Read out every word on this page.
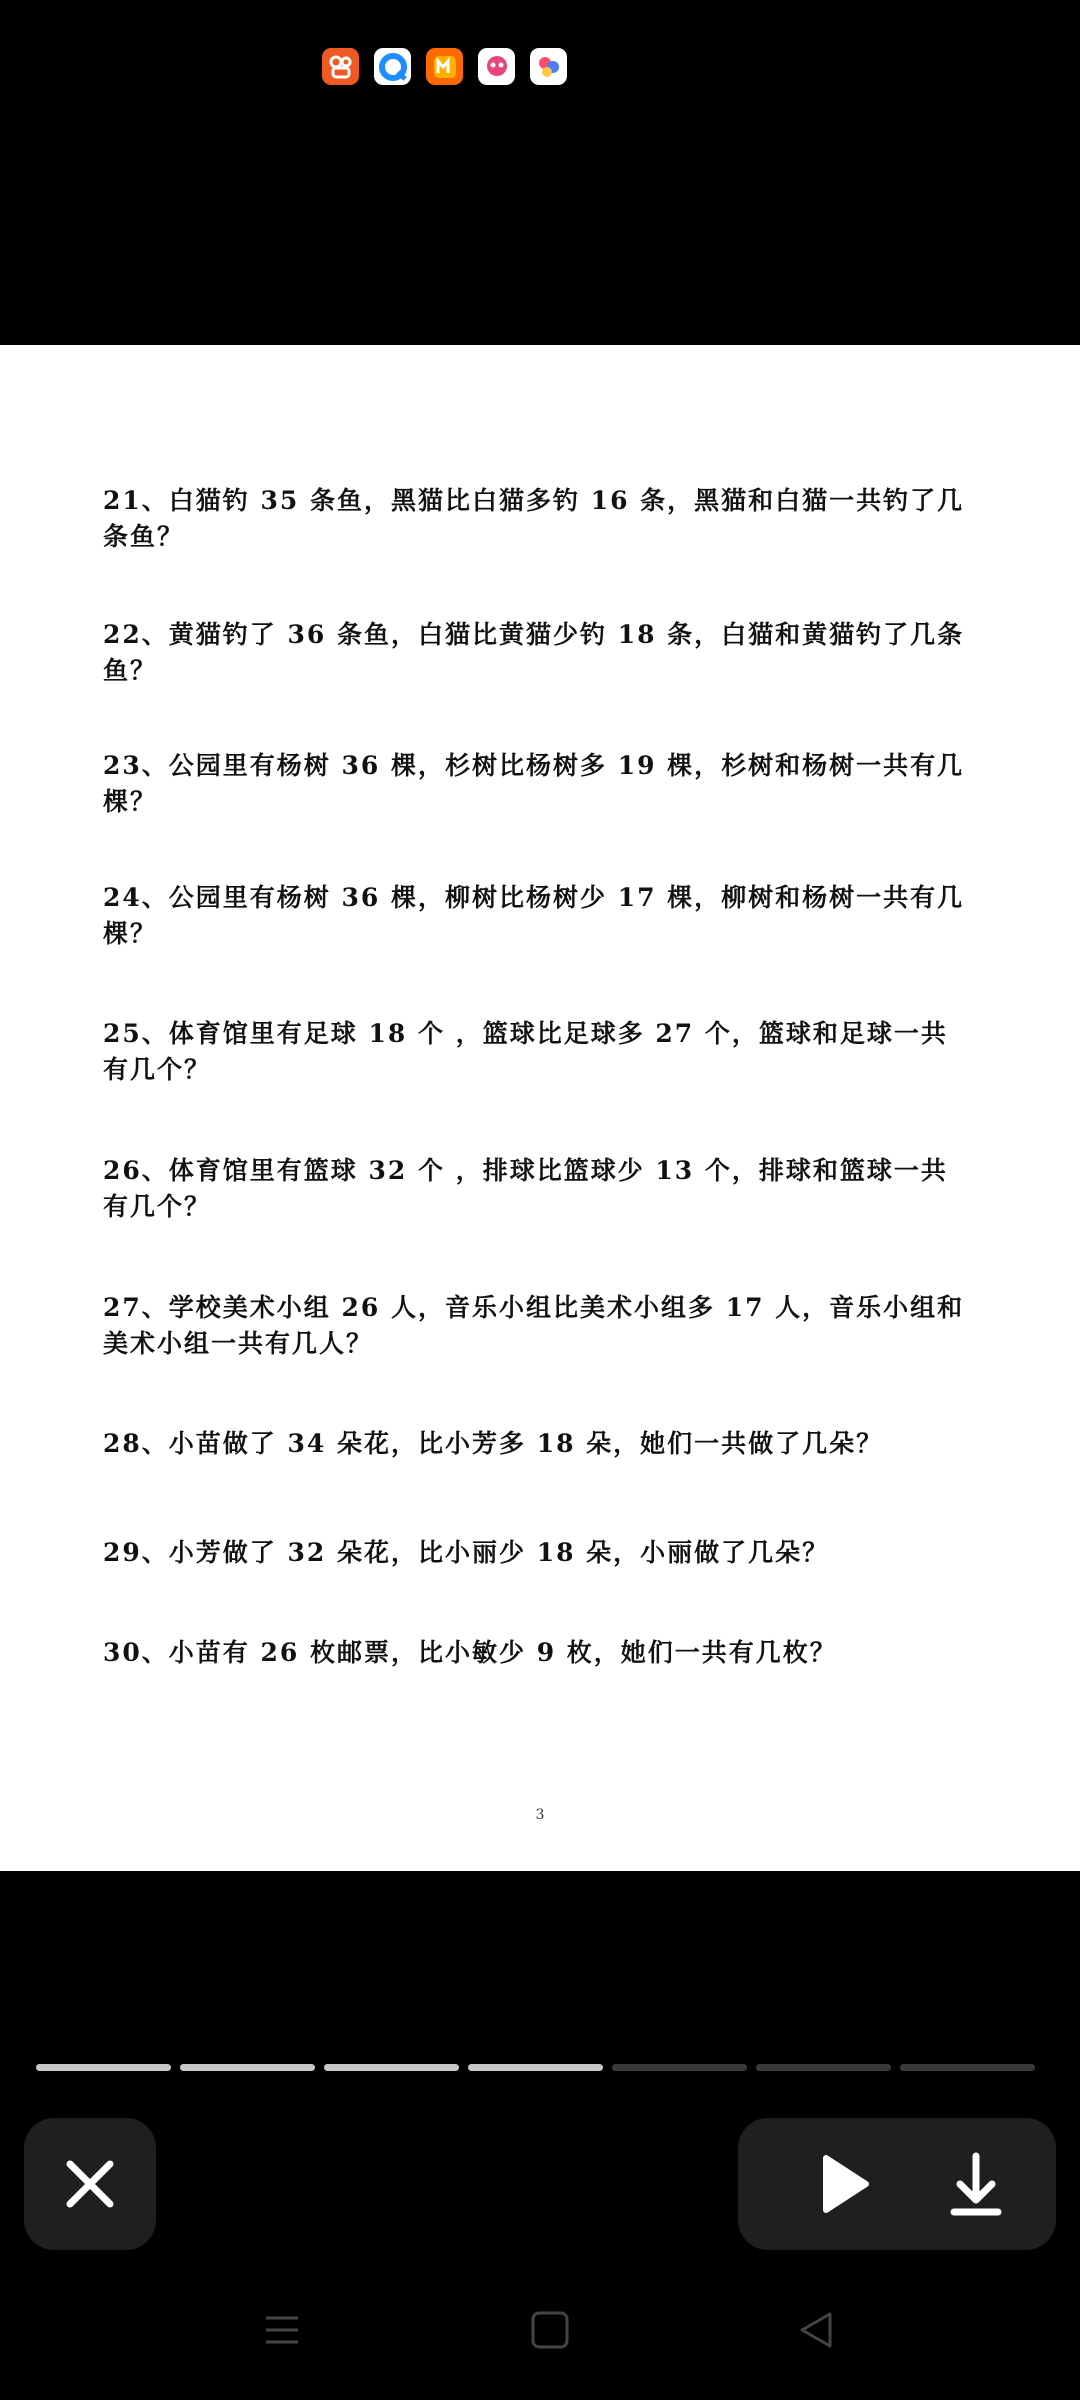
21、白猫钓 35 条鱼，黑猫比白猫多钓 16 条，黑猫和白猫一共钓了几条鱼？
22、黄猫钓了 36 条鱼，白猫比黄猫少钓 18 条，白猫和黄猫钓了几条鱼？
23、公园里有杨树 36 棵，杉树比杨树多 19 棵，杉树和杨树一共有几棵？
24、公园里有杨树 36 棵，柳树比杨树少 17 棵，柳树和杨树一共有几棵？
25、体育馆里有足球 18 个 ，篮球比足球多 27 个，篮球和足球一共有几个？
26、体育馆里有篮球 32 个 ，排球比篮球少 13 个，排球和篮球一共有几个？
27、学校美术小组 26 人，音乐小组比美术小组多 17 人，音乐小组和美术小组一共有几人？
28、小苗做了 34 朵花，比小芳多 18 朵，她们一共做了几朵？
29、小芳做了 32 朵花，比小丽少 18 朵，小丽做了几朵？
30、小苗有 26 枚邮票，比小敏少 9 枚，她们一共有几枚？
3
